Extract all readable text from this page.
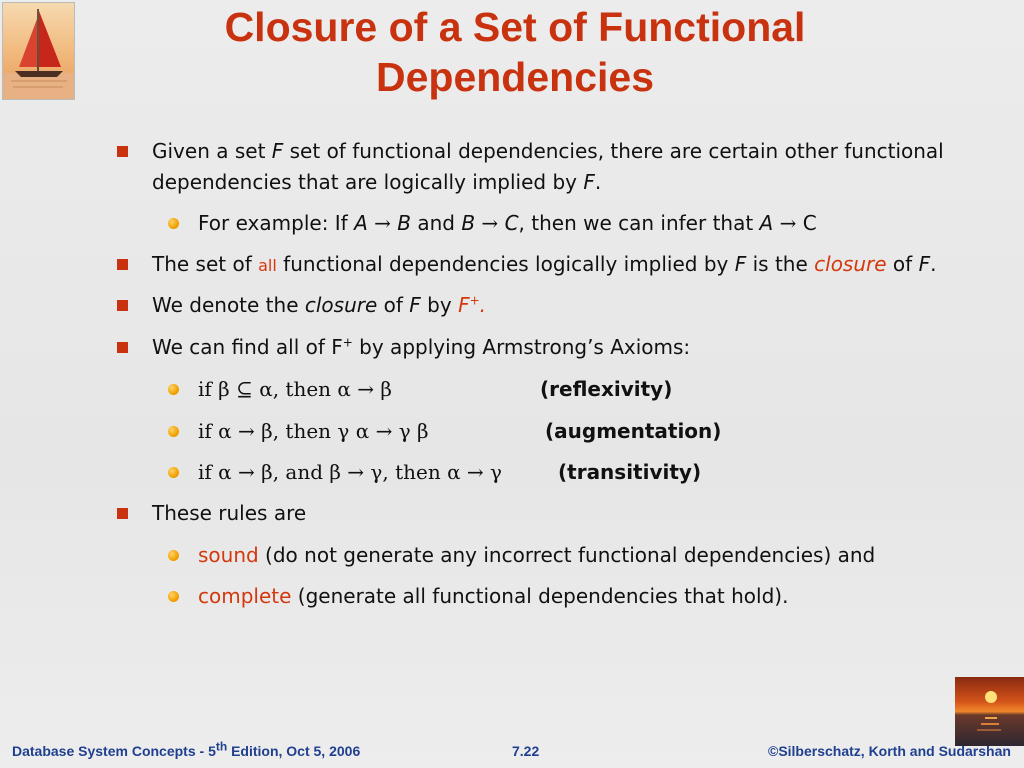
Closure of a Set of Functional
Dependencies
Given a set F set of functional dependencies, there are certain other functional
dependencies that are logically implied by F.
For example: If A → B and B → C, then we can infer that A → C
The set of all functional dependencies logically implied by F is the closure of F.
We denote the closure of F by F+.
We can find all of F+ by applying Armstrong’s Axioms:
if β ⊆ α, then α → β	(reflexivity)
if α → β, then γ α → γ β	(augmentation)
if α → β, and β → γ, then α → γ	(transitivity)
These rules are
sound (do not generate any incorrect functional dependencies) and
complete (generate all functional dependencies that hold).
Database System Concepts - 5th Edition, Oct 5, 2006	7.22	©Silberschatz, Korth and Sudarshan
